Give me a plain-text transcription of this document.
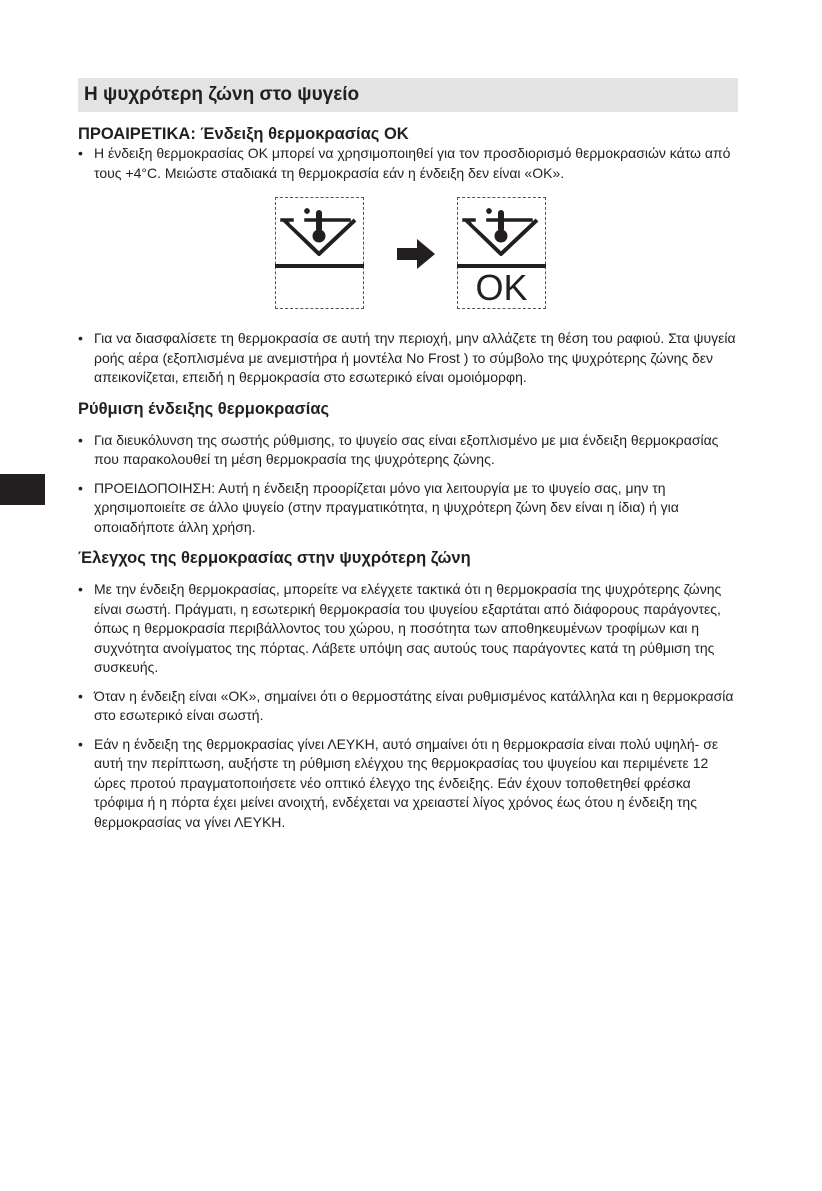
Η ψυχρότερη ζώνη στο ψυγείο
ΠΡΟΑΙΡΕΤΙΚΑ: Ένδειξη θερμοκρασίας OK
• Η ένδειξη θερμοκρασίας OK μπορεί να χρησιμοποιηθεί για τον προσδιορισμό θερμοκρασιών κάτω από τους +4°C. Μειώστε σταδιακά τη θερμοκρασία εάν η ένδειξη δεν είναι «OK».
OK
• Για να διασφαλίσετε τη θερμοκρασία σε αυτή την περιοχή, μην αλλάζετε τη θέση του ραφιού. Στα ψυγεία ροής αέρα (εξοπλισμένα με ανεμιστήρα ή μοντέλα No Frost ) το σύμβολο της ψυχρότερης ζώνης δεν απεικονίζεται, επειδή η θερμοκρασία στο εσωτερικό είναι ομοιόμορφη.
Ρύθμιση ένδειξης θερμοκρασίας
• Για διευκόλυνση της σωστής ρύθμισης, το ψυγείο σας είναι εξοπλισμένο με μια ένδειξη θερμοκρασίας που παρακολουθεί τη μέση θερμοκρασία της ψυχρότερης ζώνης.
• ΠΡΟΕΙΔΟΠΟΙΗΣΗ: Αυτή η ένδειξη προορίζεται μόνο για λειτουργία με το ψυγείο σας, μην τη χρησιμοποιείτε σε άλλο ψυγείο (στην πραγματικότητα, η ψυχρότερη ζώνη δεν είναι η ίδια) ή για οποιαδήποτε άλλη χρήση.
Έλεγχος της θερμοκρασίας στην ψυχρότερη ζώνη
• Με την ένδειξη θερμοκρασίας, μπορείτε να ελέγχετε τακτικά ότι η θερμοκρασία της ψυχρότερης ζώνης είναι σωστή. Πράγματι, η εσωτερική θερμοκρασία του ψυγείου εξαρτάται από διάφορους παράγοντες, όπως η θερμοκρασία περιβάλλοντος του χώρου, η ποσότητα των αποθηκευμένων τροφίμων και η συχνότητα ανοίγματος της πόρτας. Λάβετε υπόψη σας αυτούς τους παράγοντες κατά τη ρύθμιση της συσκευής.
• Όταν η ένδειξη είναι «OK», σημαίνει ότι ο θερμοστάτης είναι ρυθμισμένος κατάλληλα και η θερμοκρασία στο εσωτερικό είναι σωστή.
• Εάν η ένδειξη της θερμοκρασίας γίνει ΛΕΥΚΗ, αυτό σημαίνει ότι η θερμοκρασία είναι πολύ υψηλή- σε αυτή την περίπτωση, αυξήστε τη ρύθμιση ελέγχου της θερμοκρασίας του ψυγείου και περιμένετε 12 ώρες προτού πραγματοποιήσετε νέο οπτικό έλεγχο της ένδειξης. Εάν έχουν τοποθετηθεί φρέσκα τρόφιμα ή η πόρτα έχει μείνει ανοιχτή, ενδέχεται να χρειαστεί λίγος χρόνος έως ότου η ένδειξη της θερμοκρασίας να γίνει ΛΕΥΚΗ.
